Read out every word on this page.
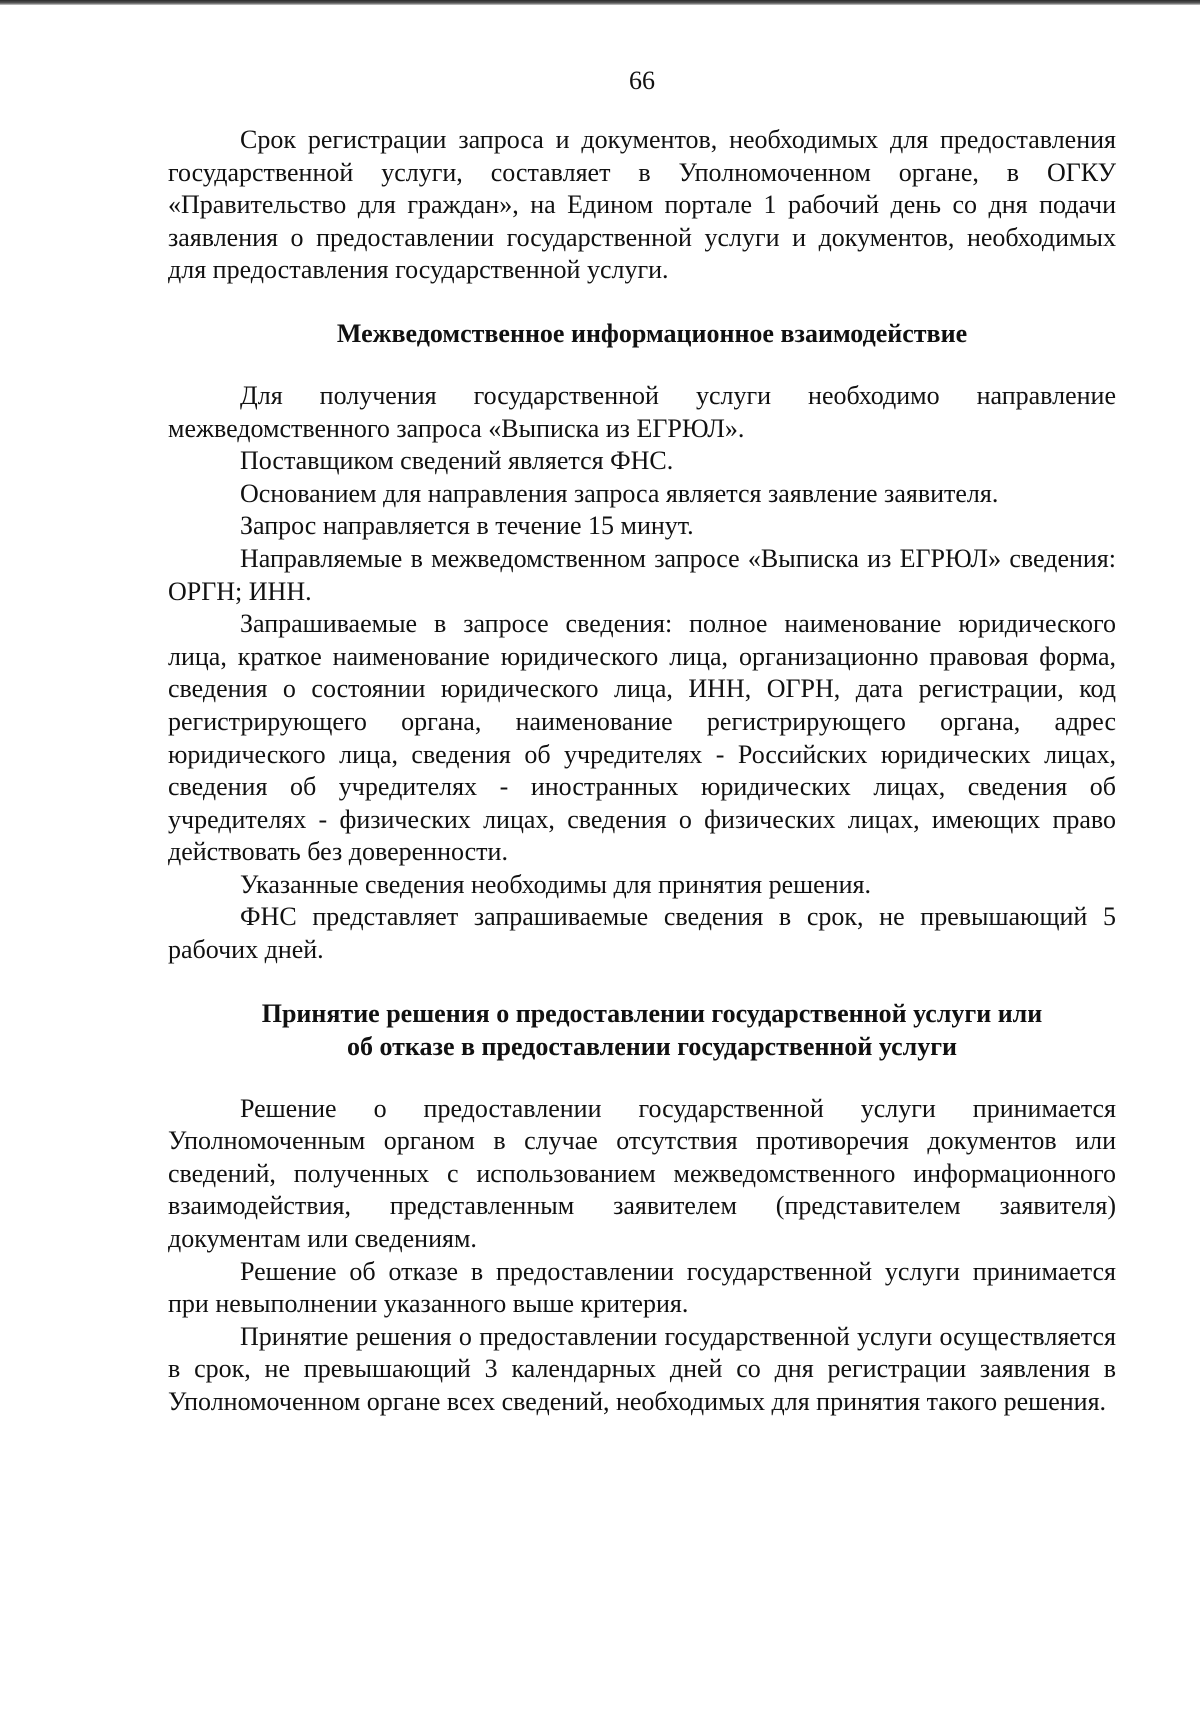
66

Срок регистрации запроса и документов, необходимых для предоставления государственной услуги, составляет в Уполномоченном органе, в ОГКУ «Правительство для граждан», на Едином портале 1 рабочий день со дня подачи заявления о предоставлении государственной услуги и документов, необходимых для предоставления государственной услуги.

Межведомственное информационное взаимодействие

Для получения государственной услуги необходимо направление межведомственного запроса «Выписка из ЕГРЮЛ».

Поставщиком сведений является ФНС.

Основанием для направления запроса является заявление заявителя.

Запрос направляется в течение 15 минут.

Направляемые в межведомственном запросе «Выписка из ЕГРЮЛ» сведения: ОРГН; ИНН.

Запрашиваемые в запросе сведения: полное наименование юридического лица, краткое наименование юридического лица, организационно правовая форма, сведения о состоянии юридического лица, ИНН, ОГРН, дата регистрации, код регистрирующего органа, наименование регистрирующего органа, адрес юридического лица, сведения об учредителях - Российских юридических лицах, сведения об учредителях - иностранных юридических лицах, сведения об учредителях - физических лицах, сведения о физических лицах, имеющих право действовать без доверенности.

Указанные сведения необходимы для принятия решения.

ФНС представляет запрашиваемые сведения в срок, не превышающий 5 рабочих дней.

Принятие решения о предоставлении государственной услуги или
об отказе в предоставлении государственной услуги

Решение о предоставлении государственной услуги принимается Уполномоченным органом в случае отсутствия противоречия документов или сведений, полученных с использованием межведомственного информационного взаимодействия, представленным заявителем (представителем заявителя) документам или сведениям.

Решение об отказе в предоставлении государственной услуги принимается при невыполнении указанного выше критерия.

Принятие решения о предоставлении государственной услуги осуществляется в срок, не превышающий 3 календарных дней со дня регистрации заявления в Уполномоченном органе всех сведений, необходимых для принятия такого решения.
